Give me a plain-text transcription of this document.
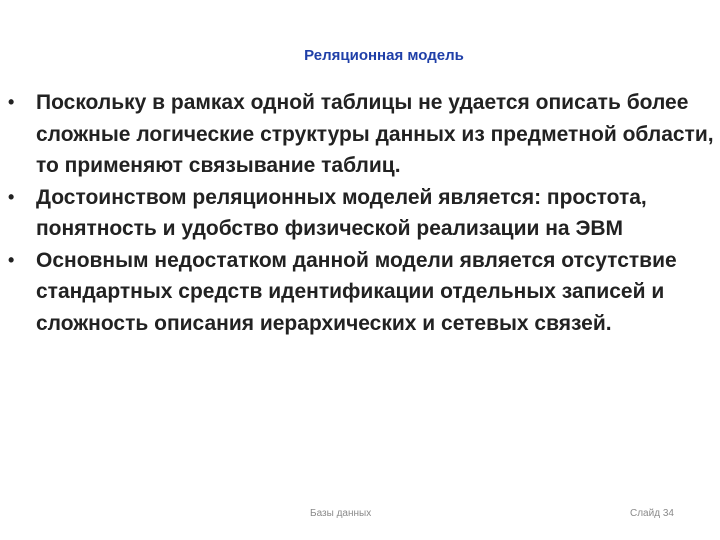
Реляционная модель
• Поскольку в рамках одной таблицы не удается описать более сложные логические структуры данных из предметной области, то применяют связывание таблиц.
• Достоинством реляционных моделей является: простота, понятность и удобство физической реализации на ЭВМ
• Основным недостатком данной модели является отсутствие стандартных средств идентификации отдельных записей и сложность описания иерархических и сетевых связей.
Базы данных	Слайд 34
